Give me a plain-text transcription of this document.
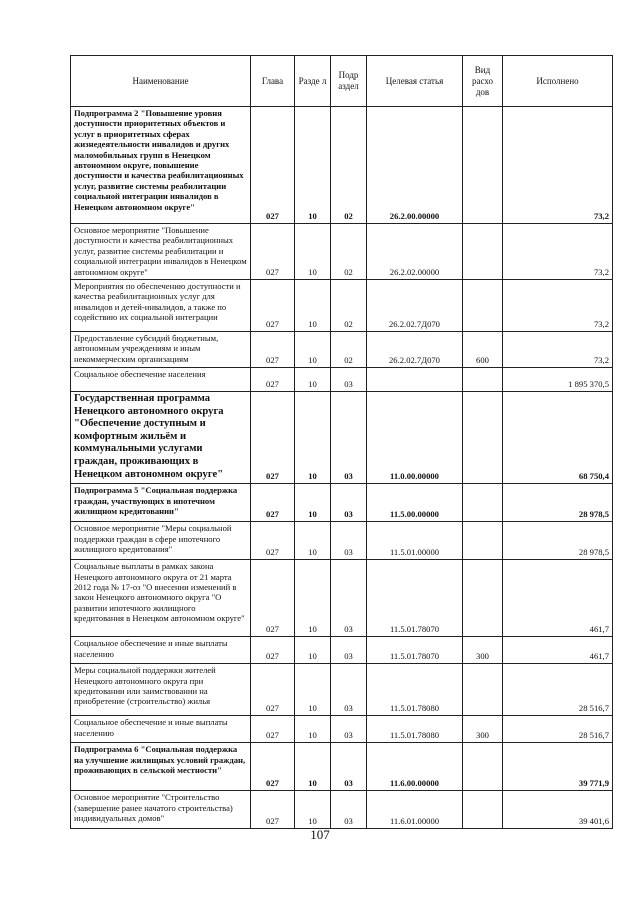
Наименование	Глава	Разде л	Подр аздел	Целевая статья	Вид расхо дов	Исполнено
Подпрограмма 2 "Повышение уровня доступности приоритетных объектов и услуг в приоритетных сферах жизнедеятельности инвалидов и других маломобильных групп в Ненецком автономном округе, повышение доступности и качества реабилитационных услуг, развитие системы реабилитации социальной интеграции инвалидов в Ненецком автономном округе"	027	10	02	26.2.00.00000		73,2
Основное мероприятие "Повышение доступности и качества реабилитационных услуг, развитие системы реабилитации и социальной интеграции инвалидов в Ненецком автономном округе"	027	10	02	26.2.02.00000		73,2
Мероприятия по обеспечению доступности и качества реабилитационных услуг для инвалидов и детей-инвалидов, а также по содействию их социальной интеграции	027	10	02	26.2.02.7Д070		73,2
Предоставление субсидий бюджетным, автономным учреждениям и иным некоммерческим организациям	027	10	02	26.2.02.7Д070	600	73,2
Социальное обеспечение населения	027	10	03			1 895 370,5
Государственная программа Ненецкого автономного округа "Обеспечение доступным и комфортным жильём и коммунальными услугами граждан, проживающих в Ненецком автономном округе"	027	10	03	11.0.00.00000		68 750,4
Подпрограмма 5 "Социальная поддержка граждан, участвующих в ипотечном жилищном кредитовании"	027	10	03	11.5.00.00000		28 978,5
Основное мероприятие "Меры социальной поддержки граждан в сфере ипотечного жилищного кредитования"	027	10	03	11.5.01.00000		28 978,5
Социальные выплаты в рамках закона Ненецкого автономного округа от 21 марта 2012 года № 17-оз "О внесении изменений в закон Ненецкого автономного округа "О развитии ипотечного жилищного кредитования в Ненецком автономном округе"	027	10	03	11.5.01.78070		461,7
Социальное обеспечение и иные выплаты населению	027	10	03	11.5.01.78070	300	461,7
Меры социальной поддержки жителей Ненецкого автономного округа при кредитовании или заимствовании на приобретение (строительство) жилья	027	10	03	11.5.01.78080		28 516,7
Социальное обеспечение и иные выплаты населению	027	10	03	11.5.01.78080	300	28 516,7
Подпрограмма 6 "Социальная поддержка на улучшение жилищных условий граждан, проживающих в сельской местности"	027	10	03	11.6.00.00000		39 771,9
Основное мероприятие "Строительство (завершение ранее начатого строительства) индивидуальных домов"	027	10	03	11.6.01.00000		39 401,6
107
